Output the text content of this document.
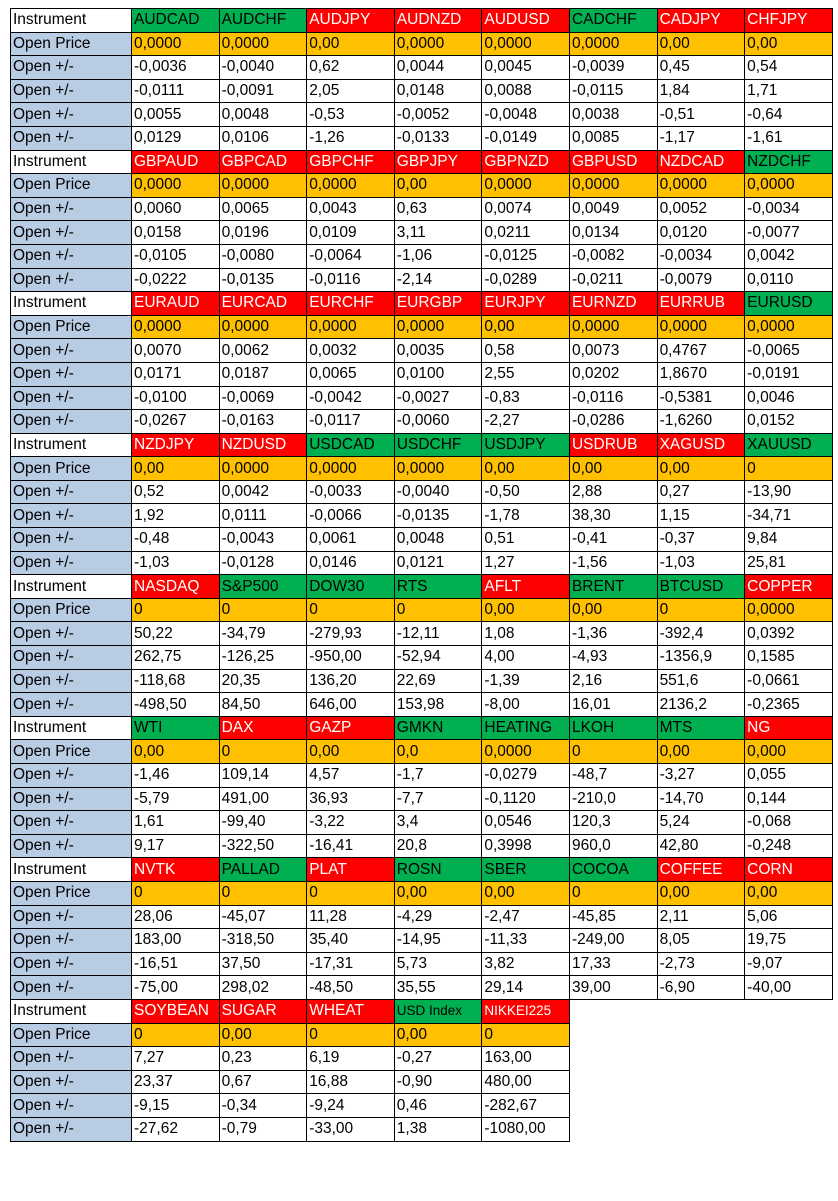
Instrument	AUDCAD	AUDCHF	AUDJPY	AUDNZD	AUDUSD	CADCHF	CADJPY	CHFJPY
Open Price	0,0000	0,0000	0,00	0,0000	0,0000	0,0000	0,00	0,00
Open +/-	-0,0036	-0,0040	0,62	0,0044	0,0045	-0,0039	0,45	0,54
Open +/-	-0,0111	-0,0091	2,05	0,0148	0,0088	-0,0115	1,84	1,71
Open +/-	0,0055	0,0048	-0,53	-0,0052	-0,0048	0,0038	-0,51	-0,64
Open +/-	0,0129	0,0106	-1,26	-0,0133	-0,0149	0,0085	-1,17	-1,61
Instrument	GBPAUD	GBPCAD	GBPCHF	GBPJPY	GBPNZD	GBPUSD	NZDCAD	NZDCHF
Open Price	0,0000	0,0000	0,0000	0,00	0,0000	0,0000	0,0000	0,0000
Open +/-	0,0060	0,0065	0,0043	0,63	0,0074	0,0049	0,0052	-0,0034
Open +/-	0,0158	0,0196	0,0109	3,11	0,0211	0,0134	0,0120	-0,0077
Open +/-	-0,0105	-0,0080	-0,0064	-1,06	-0,0125	-0,0082	-0,0034	0,0042
Open +/-	-0,0222	-0,0135	-0,0116	-2,14	-0,0289	-0,0211	-0,0079	0,0110
Instrument	EURAUD	EURCAD	EURCHF	EURGBP	EURJPY	EURNZD	EURRUB	EURUSD
Open Price	0,0000	0,0000	0,0000	0,0000	0,00	0,0000	0,0000	0,0000
Open +/-	0,0070	0,0062	0,0032	0,0035	0,58	0,0073	0,4767	-0,0065
Open +/-	0,0171	0,0187	0,0065	0,0100	2,55	0,0202	1,8670	-0,0191
Open +/-	-0,0100	-0,0069	-0,0042	-0,0027	-0,83	-0,0116	-0,5381	0,0046
Open +/-	-0,0267	-0,0163	-0,0117	-0,0060	-2,27	-0,0286	-1,6260	0,0152
Instrument	NZDJPY	NZDUSD	USDCAD	USDCHF	USDJPY	USDRUB	XAGUSD	XAUUSD
Open Price	0,00	0,0000	0,0000	0,0000	0,00	0,00	0,00	0
Open +/-	0,52	0,0042	-0,0033	-0,0040	-0,50	2,88	0,27	-13,90
Open +/-	1,92	0,0111	-0,0066	-0,0135	-1,78	38,30	1,15	-34,71
Open +/-	-0,48	-0,0043	0,0061	0,0048	0,51	-0,41	-0,37	9,84
Open +/-	-1,03	-0,0128	0,0146	0,0121	1,27	-1,56	-1,03	25,81
Instrument	NASDAQ	S&P500	DOW30	RTS	AFLT	BRENT	BTCUSD	COPPER
Open Price	0	0	0	0	0,00	0,00	0	0,0000
Open +/-	50,22	-34,79	-279,93	-12,11	1,08	-1,36	-392,4	0,0392
Open +/-	262,75	-126,25	-950,00	-52,94	4,00	-4,93	-1356,9	0,1585
Open +/-	-118,68	20,35	136,20	22,69	-1,39	2,16	551,6	-0,0661
Open +/-	-498,50	84,50	646,00	153,98	-8,00	16,01	2136,2	-0,2365
Instrument	WTI	DAX	GAZP	GMKN	HEATING	LKOH	MTS	NG
Open Price	0,00	0	0,00	0,0	0,0000	0	0,00	0,000
Open +/-	-1,46	109,14	4,57	-1,7	-0,0279	-48,7	-3,27	0,055
Open +/-	-5,79	491,00	36,93	-7,7	-0,1120	-210,0	-14,70	0,144
Open +/-	1,61	-99,40	-3,22	3,4	0,0546	120,3	5,24	-0,068
Open +/-	9,17	-322,50	-16,41	20,8	0,3998	960,0	42,80	-0,248
Instrument	NVTK	PALLAD	PLAT	ROSN	SBER	COCOA	COFFEE	CORN
Open Price	0	0	0	0,00	0,00	0	0,00	0,00
Open +/-	28,06	-45,07	11,28	-4,29	-2,47	-45,85	2,11	5,06
Open +/-	183,00	-318,50	35,40	-14,95	-11,33	-249,00	8,05	19,75
Open +/-	-16,51	37,50	-17,31	5,73	3,82	17,33	-2,73	-9,07
Open +/-	-75,00	298,02	-48,50	35,55	29,14	39,00	-6,90	-40,00
Instrument	SOYBEAN	SUGAR	WHEAT	USD Index	NIKKEI225			
Open Price	0	0,00	0	0,00	0			
Open +/-	7,27	0,23	6,19	-0,27	163,00			
Open +/-	23,37	0,67	16,88	-0,90	480,00			
Open +/-	-9,15	-0,34	-9,24	0,46	-282,67			
Open +/-	-27,62	-0,79	-33,00	1,38	-1080,00			
